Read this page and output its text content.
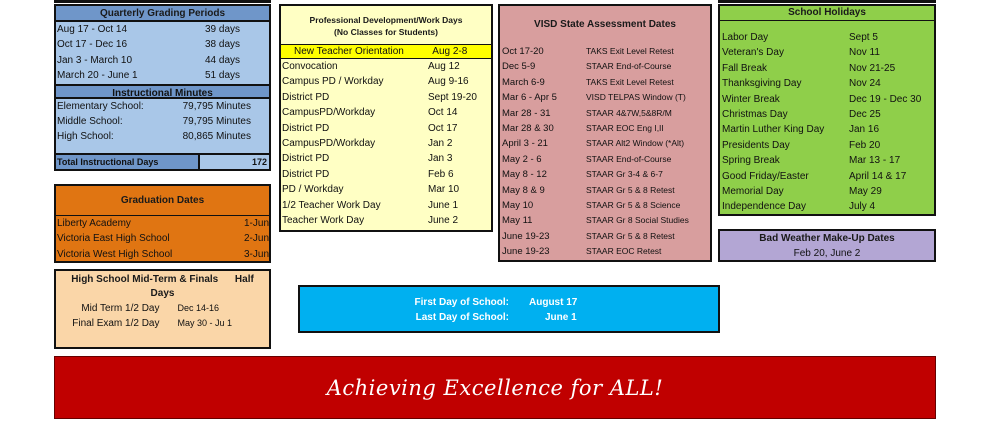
Quarterly Grading Periods
Aug 17 - Oct 14	39 days
Oct 17 - Dec 16	38 days
Jan 3 - March 10	44 days
March 20 - June 1	51 days
Instructional Minutes
Elementary School:	79,795 Minutes
Middle School:	79,795 Minutes
High School:	80,865 Minutes
Total Instructional Days	172
Graduation Dates
Liberty Academy	1-Jun
Victoria East High School	2-Jun
Victoria West High School	3-Jun
High School Mid-Term & Finals Half
Days
Mid Term 1/2 Day	Dec 14-16
Final Exam 1/2 Day	May 30 - Ju 1
Professional Development/Work Days
(No Classes for Students)
New Teacher Orientation	Aug 2-8
Convocation	Aug 12
Campus PD / Workday	Aug 9-16
District PD	Sept 19-20
CampusPD/Workday	Oct 14
District PD	Oct 17
CampusPD/Workday	Jan 2
District PD	Jan 3
District PD	Feb 6
PD / Workday	Mar 10
1/2 Teacher Work Day	June 1
Teacher Work Day	June 2
VISD State Assessment Dates
Oct 17-20	TAKS Exit Level Retest
Dec 5-9	STAAR End-of-Course
March 6-9	TAKS Exit Level Retest
Mar 6 - Apr 5	VISD TELPAS Window (T)
Mar 28 - 31	STAAR 4&7W,5&8R/M
Mar 28 & 30	STAAR EOC Eng I,II
April 3 - 21	STAAR Alt2 Window (*Alt)
May 2 - 6	STAAR End-of-Course
May 8 - 12	STAAR Gr 3-4 & 6-7
May 8 & 9	STAAR Gr 5 & 8 Retest
May 10	STAAR Gr 5 & 8 Science
May 11	STAAR Gr 8 Social Studies
June 19-23	STAAR Gr 5 & 8 Retest
June 19-23	STAAR EOC Retest
School Holidays
Labor Day	Sept 5
Veteran's Day	Nov 11
Fall Break	Nov 21-25
Thanksgiving Day	Nov 24
Winter Break	Dec 19 - Dec 30
Christmas Day	Dec 25
Martin Luther King Day	Jan 16
Presidents Day	Feb 20
Spring Break	Mar 13 - 17
Good Friday/Easter	April 14 & 17
Memorial Day	May 29
Independence Day	July 4
Bad Weather Make-Up Dates
Feb 20, June 2
First Day of School:	August 17
Last Day of School:	June 1
Achieving Excellence for ALL!
